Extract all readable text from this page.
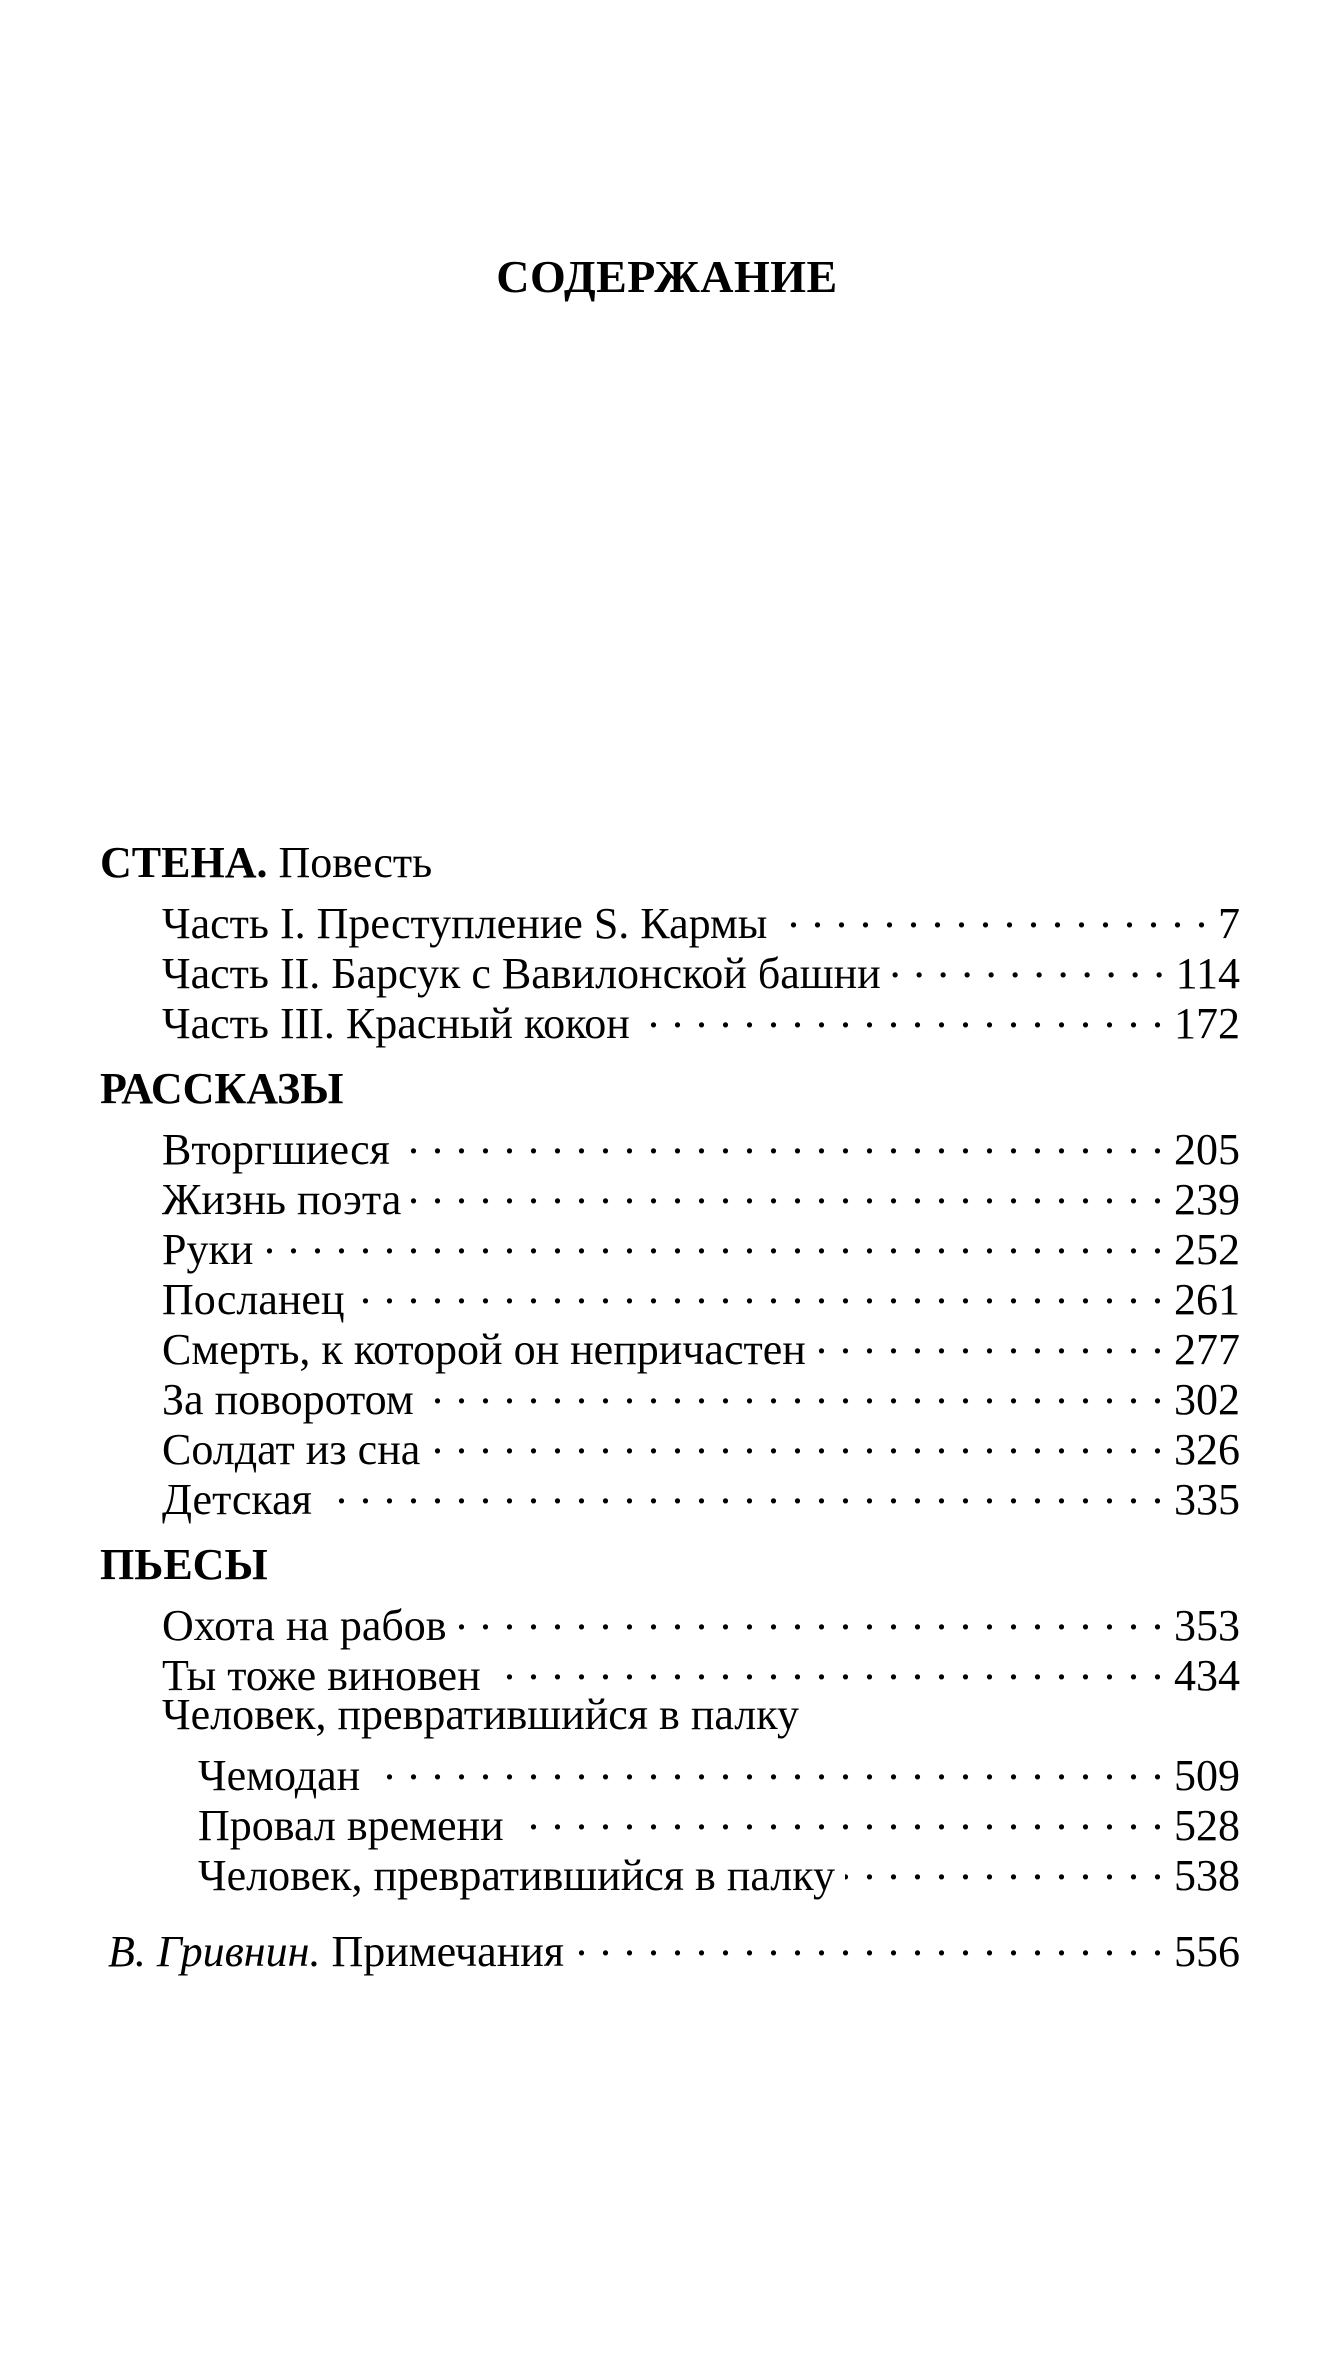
СОДЕРЖАНИЕ
СТЕНА. Повесть
Часть I. Преступление S. Кармы . . .	7
Часть II. Барсук с Вавилонской башни . . .	114
Часть III. Красный кокон . . .	172
РАССКАЗЫ
Вторгшиеся . . .	205
Жизнь поэта . . .	239
Руки . . .	252
Посланец . . .	261
Смерть, к которой он непричастен . . .	277
За поворотом . . .	302
Солдат из сна . . .	326
Детская . . .	335
ПЬЕСЫ
Охота на рабов . . .	353
Ты тоже виновен . . .	434
Человек, превратившийся в палку
Чемодан . . .	509
Провал времени . . .	528
Человек, превратившийся в палку . . .	538
В. Гривнин. Примечания . . .	556
